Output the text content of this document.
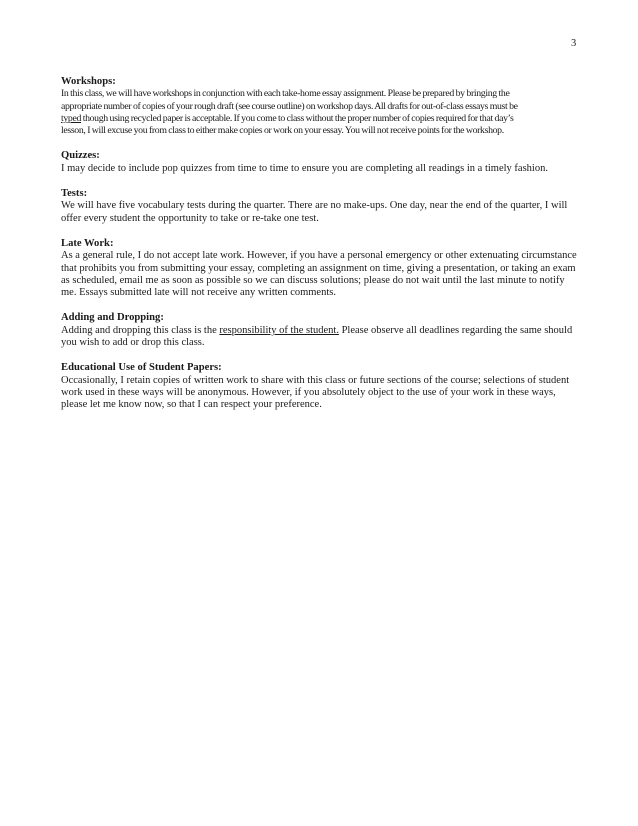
3
Workshops:
In this class, we will have workshops in conjunction with each take-home essay assignment. Please be prepared by bringing the
appropriate number of copies of your rough draft (see course outline) on workshop days. All drafts for out-of-class essays must be
typed though using recycled paper is acceptable. If you come to class without the proper number of copies required for that day’s
lesson, I will excuse you from class to either make copies or work on your essay. You will not receive points for the workshop.
Quizzes:
I may decide to include pop quizzes from time to time to ensure you are completing all readings in a timely fashion.
Tests:
We will have five vocabulary tests during the quarter. There are no make-ups. One day, near the end of the quarter, I will
offer every student the opportunity to take or re-take one test.
Late Work:
As a general rule, I do not accept late work. However, if you have a personal emergency or other extenuating circumstance
that prohibits you from submitting your essay, completing an assignment on time, giving a presentation, or taking an exam
as scheduled, email me as soon as possible so we can discuss solutions; please do not wait until the last minute to notify
me. Essays submitted late will not receive any written comments.
Adding and Dropping:
Adding and dropping this class is the responsibility of the student. Please observe all deadlines regarding the same should
you wish to add or drop this class.
Educational Use of Student Papers:
Occasionally, I retain copies of written work to share with this class or future sections of the course; selections of student
work used in these ways will be anonymous. However, if you absolutely object to the use of your work in these ways,
please let me know now, so that I can respect your preference.
